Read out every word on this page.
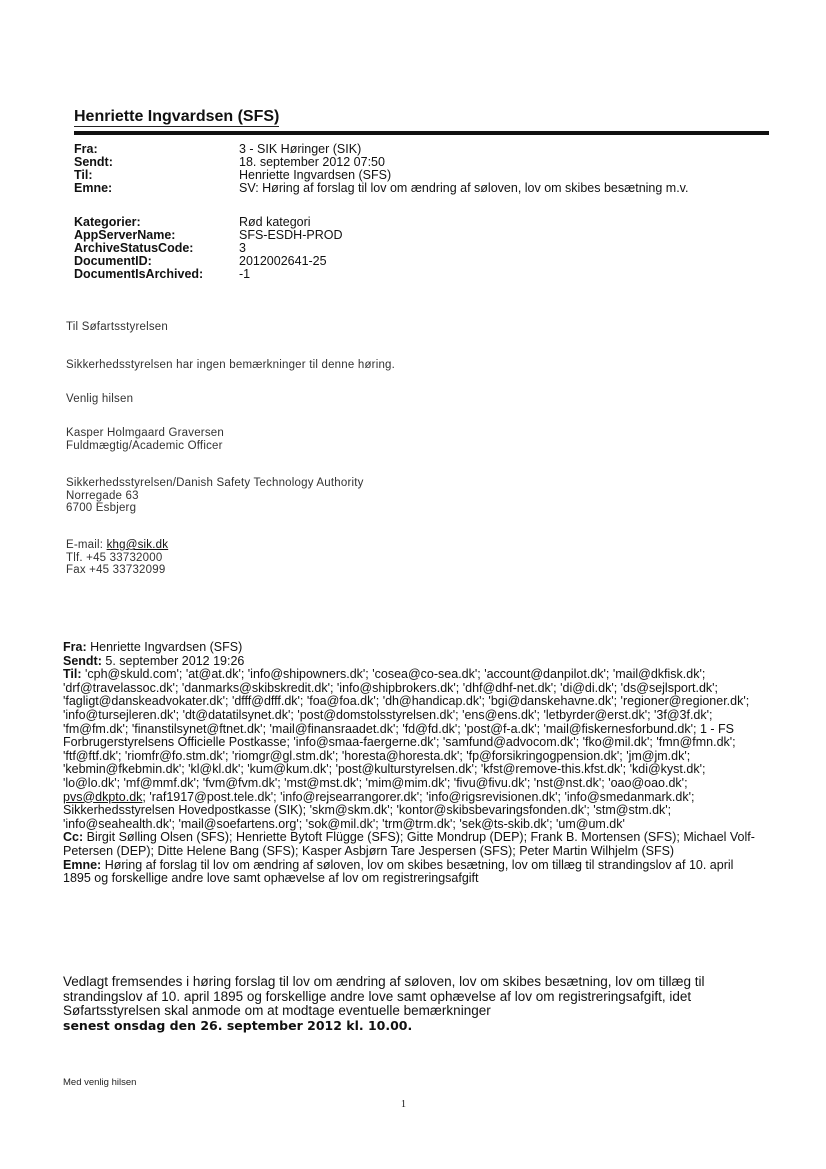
Henriette Ingvardsen (SFS)
Fra:	3 - SIK Høringer (SIK)
Sendt:	18. september 2012 07:50
Til:	Henriette Ingvardsen (SFS)
Emne:	SV: Høring af forslag til lov om ændring af søloven, lov om skibes besætning m.v.
Kategorier:	Rød kategori
AppServerName:	SFS-ESDH-PROD
ArchiveStatusCode:	3
DocumentID:	2012002641-25
DocumentIsArchived:	-1
Til Søfartsstyrelsen
Sikkerhedsstyrelsen har ingen bemærkninger til denne høring.
Venlig hilsen

Kasper Holmgaard Graversen

Fuldmægtig/Academic Officer

Sikkerhedsstyrelsen/Danish Safety Technology Authority

Norregade 63

6700 Esbjerg

E-mail: khg@sik.dk

Tlf. +45 33732000

Fax +45 33732099

Fra: Henriette Ingvardsen (SFS)
Sendt: 5. september 2012 19:26
Til: 'cph@skuld.com'; 'at@at.dk'; 'info@shipowners.dk'; 'cosea@co-sea.dk'; 'account@danpilot.dk'; 'mail@dkfisk.dk'; 'drf@travelassoc.dk'; 'danmarks@skibskredit.dk'; 'info@shipbrokers.dk'; 'dhf@dhf-net.dk'; 'di@di.dk'; 'ds@sejlsport.dk'; 'fagligt@danskeadvokater.dk'; 'dfff@dfff.dk'; 'foa@foa.dk'; 'dh@handicap.dk'; 'bgi@danskehavne.dk'; 'regioner@regioner.dk'; 'info@tursejleren.dk'; 'dt@datatilsynet.dk'; 'post@domstolsstyrelsen.dk'; 'ens@ens.dk'; 'letbyrder@erst.dk'; '3f@3f.dk'; 'fm@fm.dk'; 'finanstilsynet@ftnet.dk'; 'mail@finansraadet.dk'; 'fd@fd.dk'; 'post@f-a.dk'; 'mail@fiskernesforbund.dk'; 1 - FS Forbrugerstyrelsens Officielle Postkasse; 'info@smaa-faergerne.dk'; 'samfund@advocom.dk'; 'fko@mil.dk'; 'fmn@fmn.dk'; 'ftf@ftf.dk'; 'riomfr@fo.stm.dk'; 'riomgr@gl.stm.dk'; 'horesta@horesta.dk'; 'fp@forsikringogpension.dk'; 'jm@jm.dk'; 'kebmin@fkebmin.dk'; 'kl@kl.dk'; 'kum@kum.dk'; 'post@kulturstyrelsen.dk'; 'kfst@remove-this.kfst.dk'; 'kdi@kyst.dk'; 'lo@lo.dk'; 'mf@mmf.dk'; 'fvm@fvm.dk'; 'mst@mst.dk'; 'mim@mim.dk'; 'fivu@fivu.dk'; 'nst@nst.dk'; 'oao@oao.dk'; pvs@dkpto.dk; 'raf1917@post.tele.dk'; 'info@rejsearrangorer.dk'; 'info@rigsrevisionen.dk'; 'info@smedanmark.dk'; Sikkerhedsstyrelsen Hovedpostkasse (SIK); 'skm@skm.dk'; 'kontor@skibsbevaringsfonden.dk'; 'stm@stm.dk'; 'info@seahealth.dk'; 'mail@soefartens.org'; 'sok@mil.dk'; 'trm@trm.dk'; 'sek@ts-skib.dk'; 'um@um.dk'
Cc: Birgit Sølling Olsen (SFS); Henriette Bytoft Flügge (SFS); Gitte Mondrup (DEP); Frank B. Mortensen (SFS); Michael Volf-Petersen (DEP); Ditte Helene Bang (SFS); Kasper Asbjørn Tare Jespersen (SFS); Peter Martin Wilhjelm (SFS)
Emne: Høring af forslag til lov om ændring af søloven, lov om skibes besætning, lov om tillæg til strandingslov af 10. april 1895 og forskellige andre love samt ophævelse af lov om registreringsafgift
Vedlagt fremsendes i høring forslag til lov om ændring af søloven, lov om skibes besætning, lov om tillæg til strandingslov af 10. april 1895 og forskellige andre love samt ophævelse af lov om registreringsafgift, idet Søfartsstyrelsen skal anmode om at modtage eventuelle bemærkninger
senest onsdag den 26. september 2012 kl. 10.00.
Med venlig hilsen
1
